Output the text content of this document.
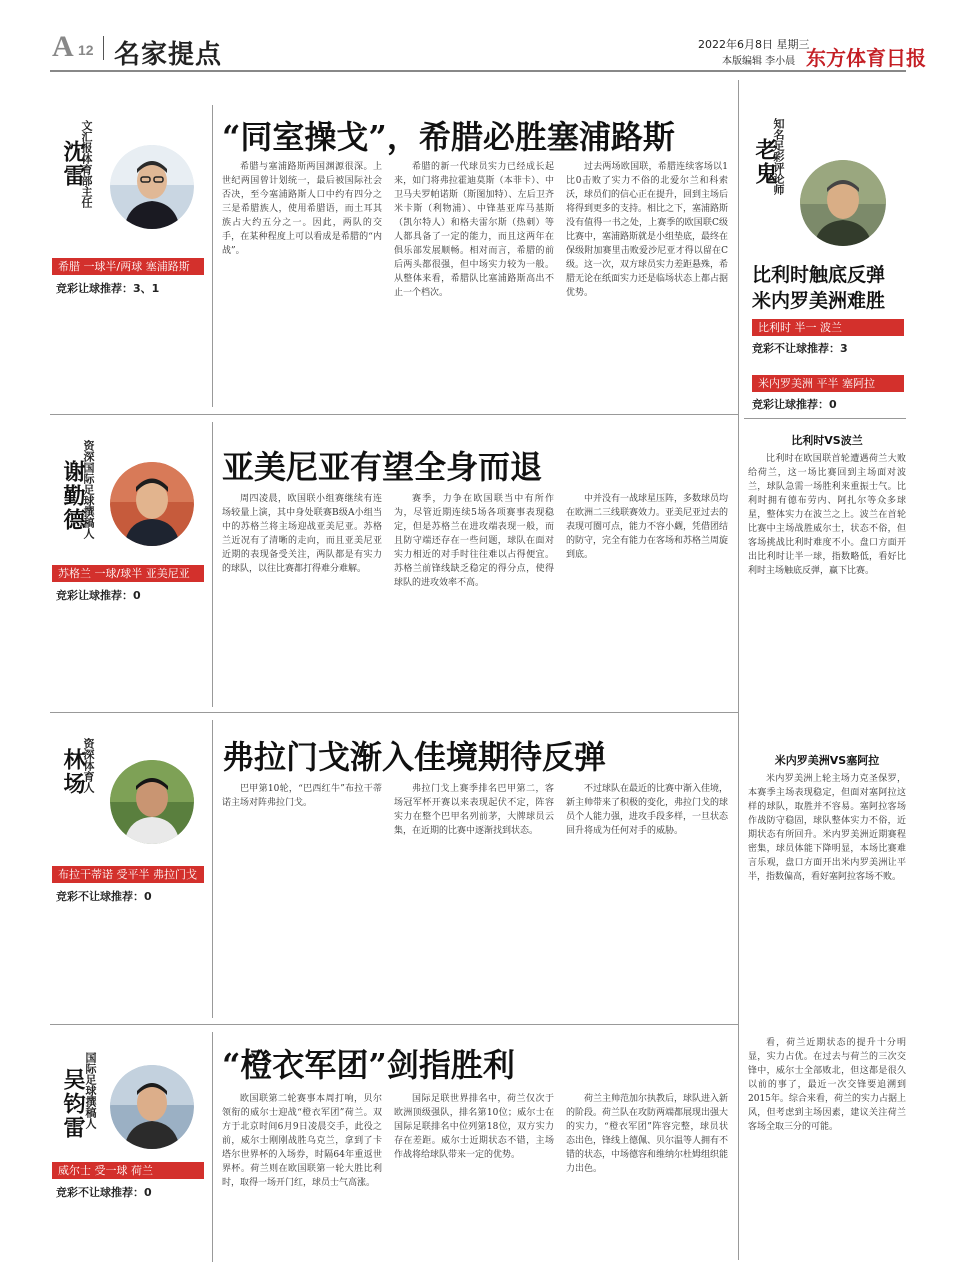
A 12 名家提点	2022年6月8日 星期三
本版编辑 李小晨 东方体育日报
沈雷
文汇报体育部主任
希腊 一球半/两球 塞浦路斯
竞彩让球推荐：3、1
“同室操戈”，希腊必胜塞浦路斯
希腊与塞浦路斯两国渊源很深。上世纪两国曾计划统一，最后被国际社会否决，至今塞浦路斯人口中约有四分之三是希腊族人，使用希腊语，而土耳其族占大约五分之一。因此，两队的交手，在某种程度上可以看成是希腊的“内战”。
希腊的新一代球员实力已经成长起来，如门将弗拉霍迪莫斯（本菲卡）、中卫马夫罗帕诺斯（斯图加特）、左后卫齐米卡斯（利物浦）、中锋基亚库马基斯（凯尔特人）和格夫雷尔斯（热刺）等人都具备了一定的能力，而且这两年在俱乐部发展顺畅。相对而言，希腊的前后两头都很强，但中场实力较为一般。从整体来看，希腊队比塞浦路斯高出不止一个档次。
过去两场欧国联，希腊连续客场以1比0击败了实力不俗的北爱尔兰和科索沃，球员们的信心正在提升，回到主场后将得到更多的支持。相比之下，塞浦路斯没有值得一书之处，上赛季的欧国联C级比赛中，塞浦路斯就是小组垫底，最终在保级附加赛里击败爱沙尼亚才得以留在C级。这一次，双方球员实力差距悬殊，希腊无论在纸面实力还是临场状态上都占据优势。
老鬼
知名足彩评论师
比利时触底反弹 米内罗美洲难胜
比利时 半一 波兰
竞彩不让球推荐：3
米内罗美洲 平半 塞阿拉
竞彩让球推荐：0
比利时VS波兰
比利时在欧国联首轮遭遇荷兰大败给荷兰，这一场比赛回到主场面对波兰，球队急需一场胜利来重振士气。比利时拥有德布劳内、阿扎尔等众多球星，整体实力在波兰之上。波兰在首轮比赛中主场战胜威尔士，状态不俗，但客场挑战比利时难度不小。盘口方面开出比利时让半一球，指数略低，看好比利时主场触底反弹，赢下比赛。
米内罗美洲VS塞阿拉
米内罗美洲上轮主场力克圣保罗，本赛季主场表现稳定，但面对塞阿拉这样的球队，取胜并不容易。塞阿拉客场作战防守稳固，球队整体实力不俗，近期状态有所回升。米内罗美洲近期赛程密集，球员体能下降明显，本场比赛难言乐观，盘口方面开出米内罗美洲让平半，指数偏高，看好塞阿拉客场不败。
谢勤德
资深国际足球撰稿人
苏格兰 一球/球半 亚美尼亚
竞彩让球推荐：0
亚美尼亚有望全身而退
周四凌晨，欧国联小组赛继续有连场较量上演，其中身处联赛B级A小组当中的苏格兰将主场迎战亚美尼亚。苏格兰近况有了清晰的走向，而且亚美尼亚近期的表现备受关注，两队都是有实力的球队，以往比赛都打得难分难解。
赛季，力争在欧国联当中有所作为，尽管近期连续5场各项赛事表现稳定，但是苏格兰在进攻端表现一般，而且防守端还存在一些问题，球队在面对实力相近的对手时往往难以占得便宜。苏格兰前锋线缺乏稳定的得分点，使得球队的进攻效率不高。
中并没有一战球星压阵，多数球员均在欧洲二三线联赛效力。亚美尼亚过去的表现可圈可点，能力不容小觑，凭借团结的防守，完全有能力在客场和苏格兰周旋到底。
林场
资深体育人
布拉干蒂诺 受平半 弗拉门戈
竞彩不让球推荐：0
弗拉门戈渐入佳境期待反弹
巴甲第10轮，“巴西红牛”布拉干蒂诺主场对阵弗拉门戈。
弗拉门戈上赛季排名巴甲第二，客场冠军杯开赛以来表现起伏不定，阵容实力在整个巴甲名列前茅，大牌球员云集，在近期的比赛中逐渐找到状态。
不过球队在最近的比赛中渐入佳境，新主帅带来了积极的变化，弗拉门戈的球员个人能力强，进攻手段多样，一旦状态回升将成为任何对手的威胁。
吴钧雷
国际足球撰稿人
威尔士 受一球 荷兰
竞彩不让球推荐：0
“橙衣军团”剑指胜利
欧国联第二轮赛事本周打响，贝尔领衔的威尔士迎战“橙衣军团”荷兰。双方于北京时间6月9日凌晨交手，此役之前，威尔士刚刚战胜乌克兰，拿到了卡塔尔世界杯的入场券，时隔64年重返世界杯。荷兰则在欧国联第一轮大胜比利时，取得一场开门红，球员士气高涨。
国际足联世界排名中，荷兰仅次于欧洲顶级强队，排名第10位；威尔士在国际足联排名中位列第18位，双方实力存在差距。威尔士近期状态不错，主场作战将给球队带来一定的优势。
荷兰主帅范加尔执教后，球队进入新的阶段。荷兰队在攻防两端都展现出强大的实力，“橙衣军团”阵容完整，球员状态出色，锋线上德佩、贝尔温等人拥有不错的状态，中场德容和维纳尔杜姆组织能力出色。
看，荷兰近期状态的提升十分明显，实力占优。在过去与荷兰的三次交锋中，威尔士全部败北，但这都是很久以前的事了，最近一次交锋要追溯到2015年。综合来看，荷兰的实力占据上风，但考虑到主场因素，建议关注荷兰客场全取三分的可能。
